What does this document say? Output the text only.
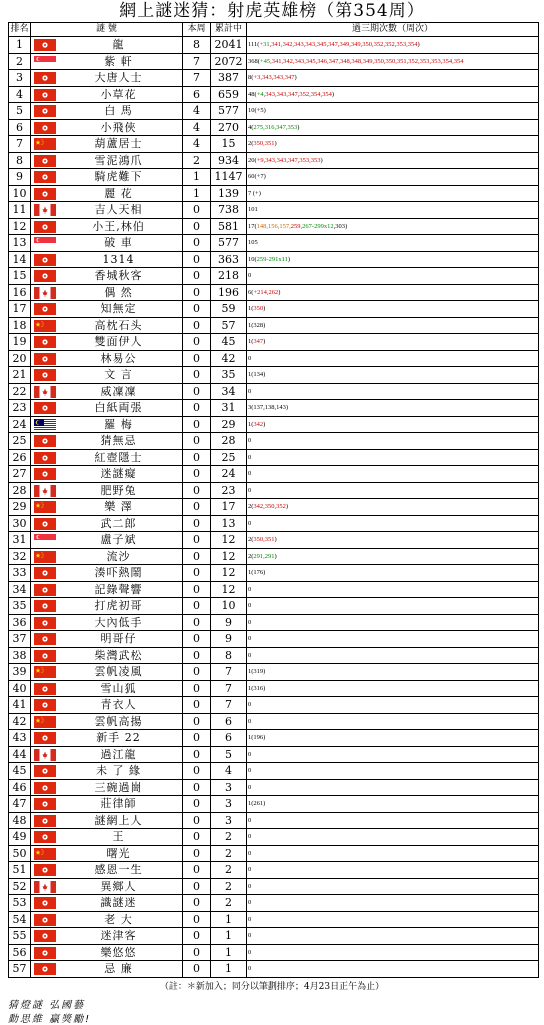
網上謎迷猜：射虎英雄榜（第354周）
排名	謎 號	本周	累計中	過三期次數（周次）
1	龍	8	2041	111(+31,341,342,343,343,345,347,349,349,350,352,352,353,354)
2	紫 軒	7	2072	368(+45,341,342,343,345,346,347,348,348,349,350,350,351,352,353,353,354,354
3	大唐人士	7	387	8(+3,343,343,347)
4	小草花	6	659	48(+4,343,343,347,352,354,354)
5	白 馬	4	577	10(+5)
6	小飛俠	4	270	4(275,316,347,353)
7	葫蘆居士	4	15	2(350,351)
8	雪泥鴻爪	2	934	20(+9,343,343,347,353,353)
9	騎虎難下	1	1147	60(+7)
10	麗 花	1	139	7 (+)
11	吉人天相	0	738	101
12	小王,林伯	0	581	17(148,156,157,259,267-299x12,303)
13	破 車	0	577	105
14	1314	0	363	10(259-291x11)
15	香城秋客	0	218	0
16	偶 然	0	196	6(+214,262)
17	知無定	0	59	1(350)
18	高枕石头	0	57	1(328)
19	雙面伊人	0	45	1(347)
20	林易公	0	42	0
21	文 言	0	35	1(134)
22	威凜凜	0	34	0
23	白紙両張	0	31	3(137,138,143)
24	羅 梅	0	29	1(342)
25	猜無忌	0	28	0
26	紅壺隱士	0	25	0
27	迷謎癡	0	24	0
28	肥野兔	0	23	0
29	樂 澤	0	17	2(342,350,352)
30	武二郎	0	13	0
31	盧子斌	0	12	2(350,351)
32	流沙	0	12	2(291,291)
33	湊吓熱鬧	0	12	1(176)
34	記錄聲響	0	12	0
35	打虎初哥	0	10	0
36	大內低手	0	9	0
37	明哥仔	0	9	0
38	柴灣武松	0	8	0
39	雲帆凌風	0	7	1(319)
40	雪山狐	0	7	1(316)
41	青衣人	0	7	0
42	雲帆高揚	0	6	0
43	新手 22	0	6	1(196)
44	過江龍	0	5	0
45	未 了 緣	0	4	0
46	三碗過崗	0	3	0
47	莊律師	0	3	1(261)
48	謎網上人	0	3	0
49	王	0	2	0
50	曙光	0	2	0
51	感恩一生	0	2	0
52	異鄉人	0	2	0
53	識謎迷	0	2	0
54	老 大	0	1	0
55	迷津客	0	1	0
56	樂悠悠	0	1	0
57	忌 廉	0	1	0
（註：＊新加入；同分以筆劃排序；4月23日正午為止）
猜燈謎 弘國藝
動思維 贏獎勵!
